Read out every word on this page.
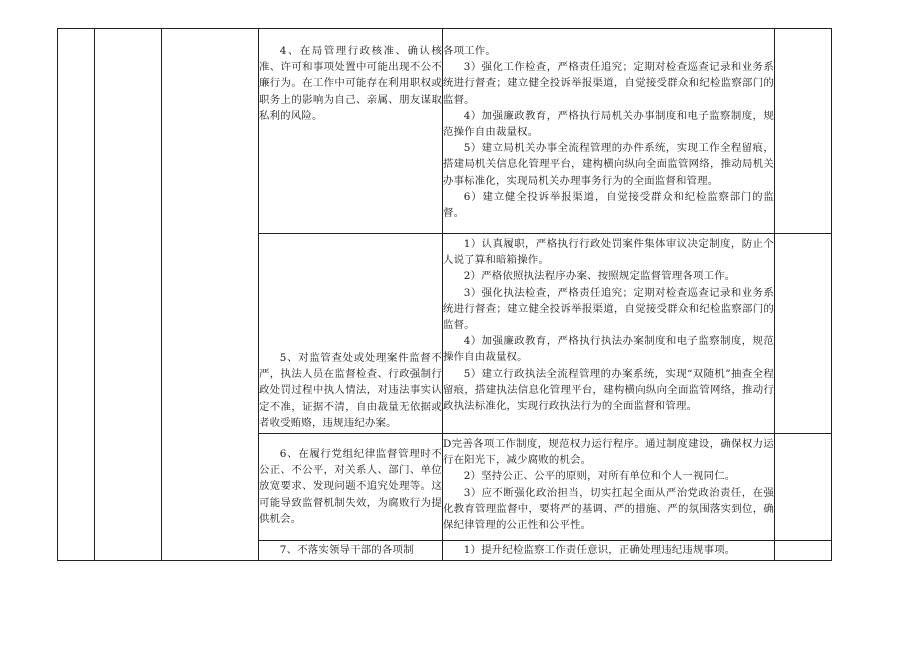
			4、在局管理行政核准、确认核准、许可和事项处置中可能出现不公不廉行为。在工作中可能存在利用职权或职务上的影响为自己、亲属、朋友谋取私利的风险。	各项工作。

3）强化工作检查，严格责任追究；定期对检查巡查记录和业务系统进行督查；建立健全投诉举报渠道，自觉接受群众和纪检监察部门的监督。

4）加强廉政教育，严格执行局机关办事制度和电子监察制度，规范操作自由裁量权。

5）建立局机关办事全流程管理的办件系统，实现工作全程留痕，搭建局机关信息化管理平台，建构横向纵向全面监管网络，推动局机关办事标准化，实现局机关办理事务行为的全面监督和管理。

6）建立健全投诉举报渠道，自觉接受群众和纪检监察部门的监督。	

			5、对监管查处或处理案件监督不严，执法人员在监督检查、行政强制行政处罚过程中执人情法，对违法事实认定不准，证据不清，自由裁量无依据或者收受贿赂，违规违纪办案。	1）认真履职，严格执行行政处罚案件集体审议决定制度，防止个人说了算和暗箱操作。

2）严格依照执法程序办案、按照规定监督管理各项工作。

3）强化执法检查，严格责任追究；定期对检查巡查记录和业务系统进行督查；建立健全投诉举报渠道，自觉接受群众和纪检监察部门的监督。

4）加强廉政教育，严格执行执法办案制度和电子监察制度，规范操作自由裁量权。

5）建立行政执法全流程管理的办案系统，实现“双随机”抽查全程留痕，搭建执法信息化管理平台，建构横向纵向全面监管网络，推动行政执法标准化，实现行政执法行为的全面监督和管理。	

			6、在履行党组纪律监督管理时不公正、不公平，对关系人、部门、单位放宽要求、发现问题不追究处理等。这可能导致监督机制失效，为腐败行为提供机会。	D完善各项工作制度，规范权力运行程序。通过制度建设，确保权力运行在阳光下，减少腐败的机会。

2）坚持公正、公平的原则，对所有单位和个人一视同仁。

3）应不断强化政治担当，切实扛起全面从严治党政治责任，在强化教育管理监督中，要将严的基调、严的措施、严的氛围落实到位，确保纪律管理的公正性和公平性。	

			7、不落实领导干部的各项制	1）提升纪检监察工作责任意识，正确处理违纪违规事项。	
